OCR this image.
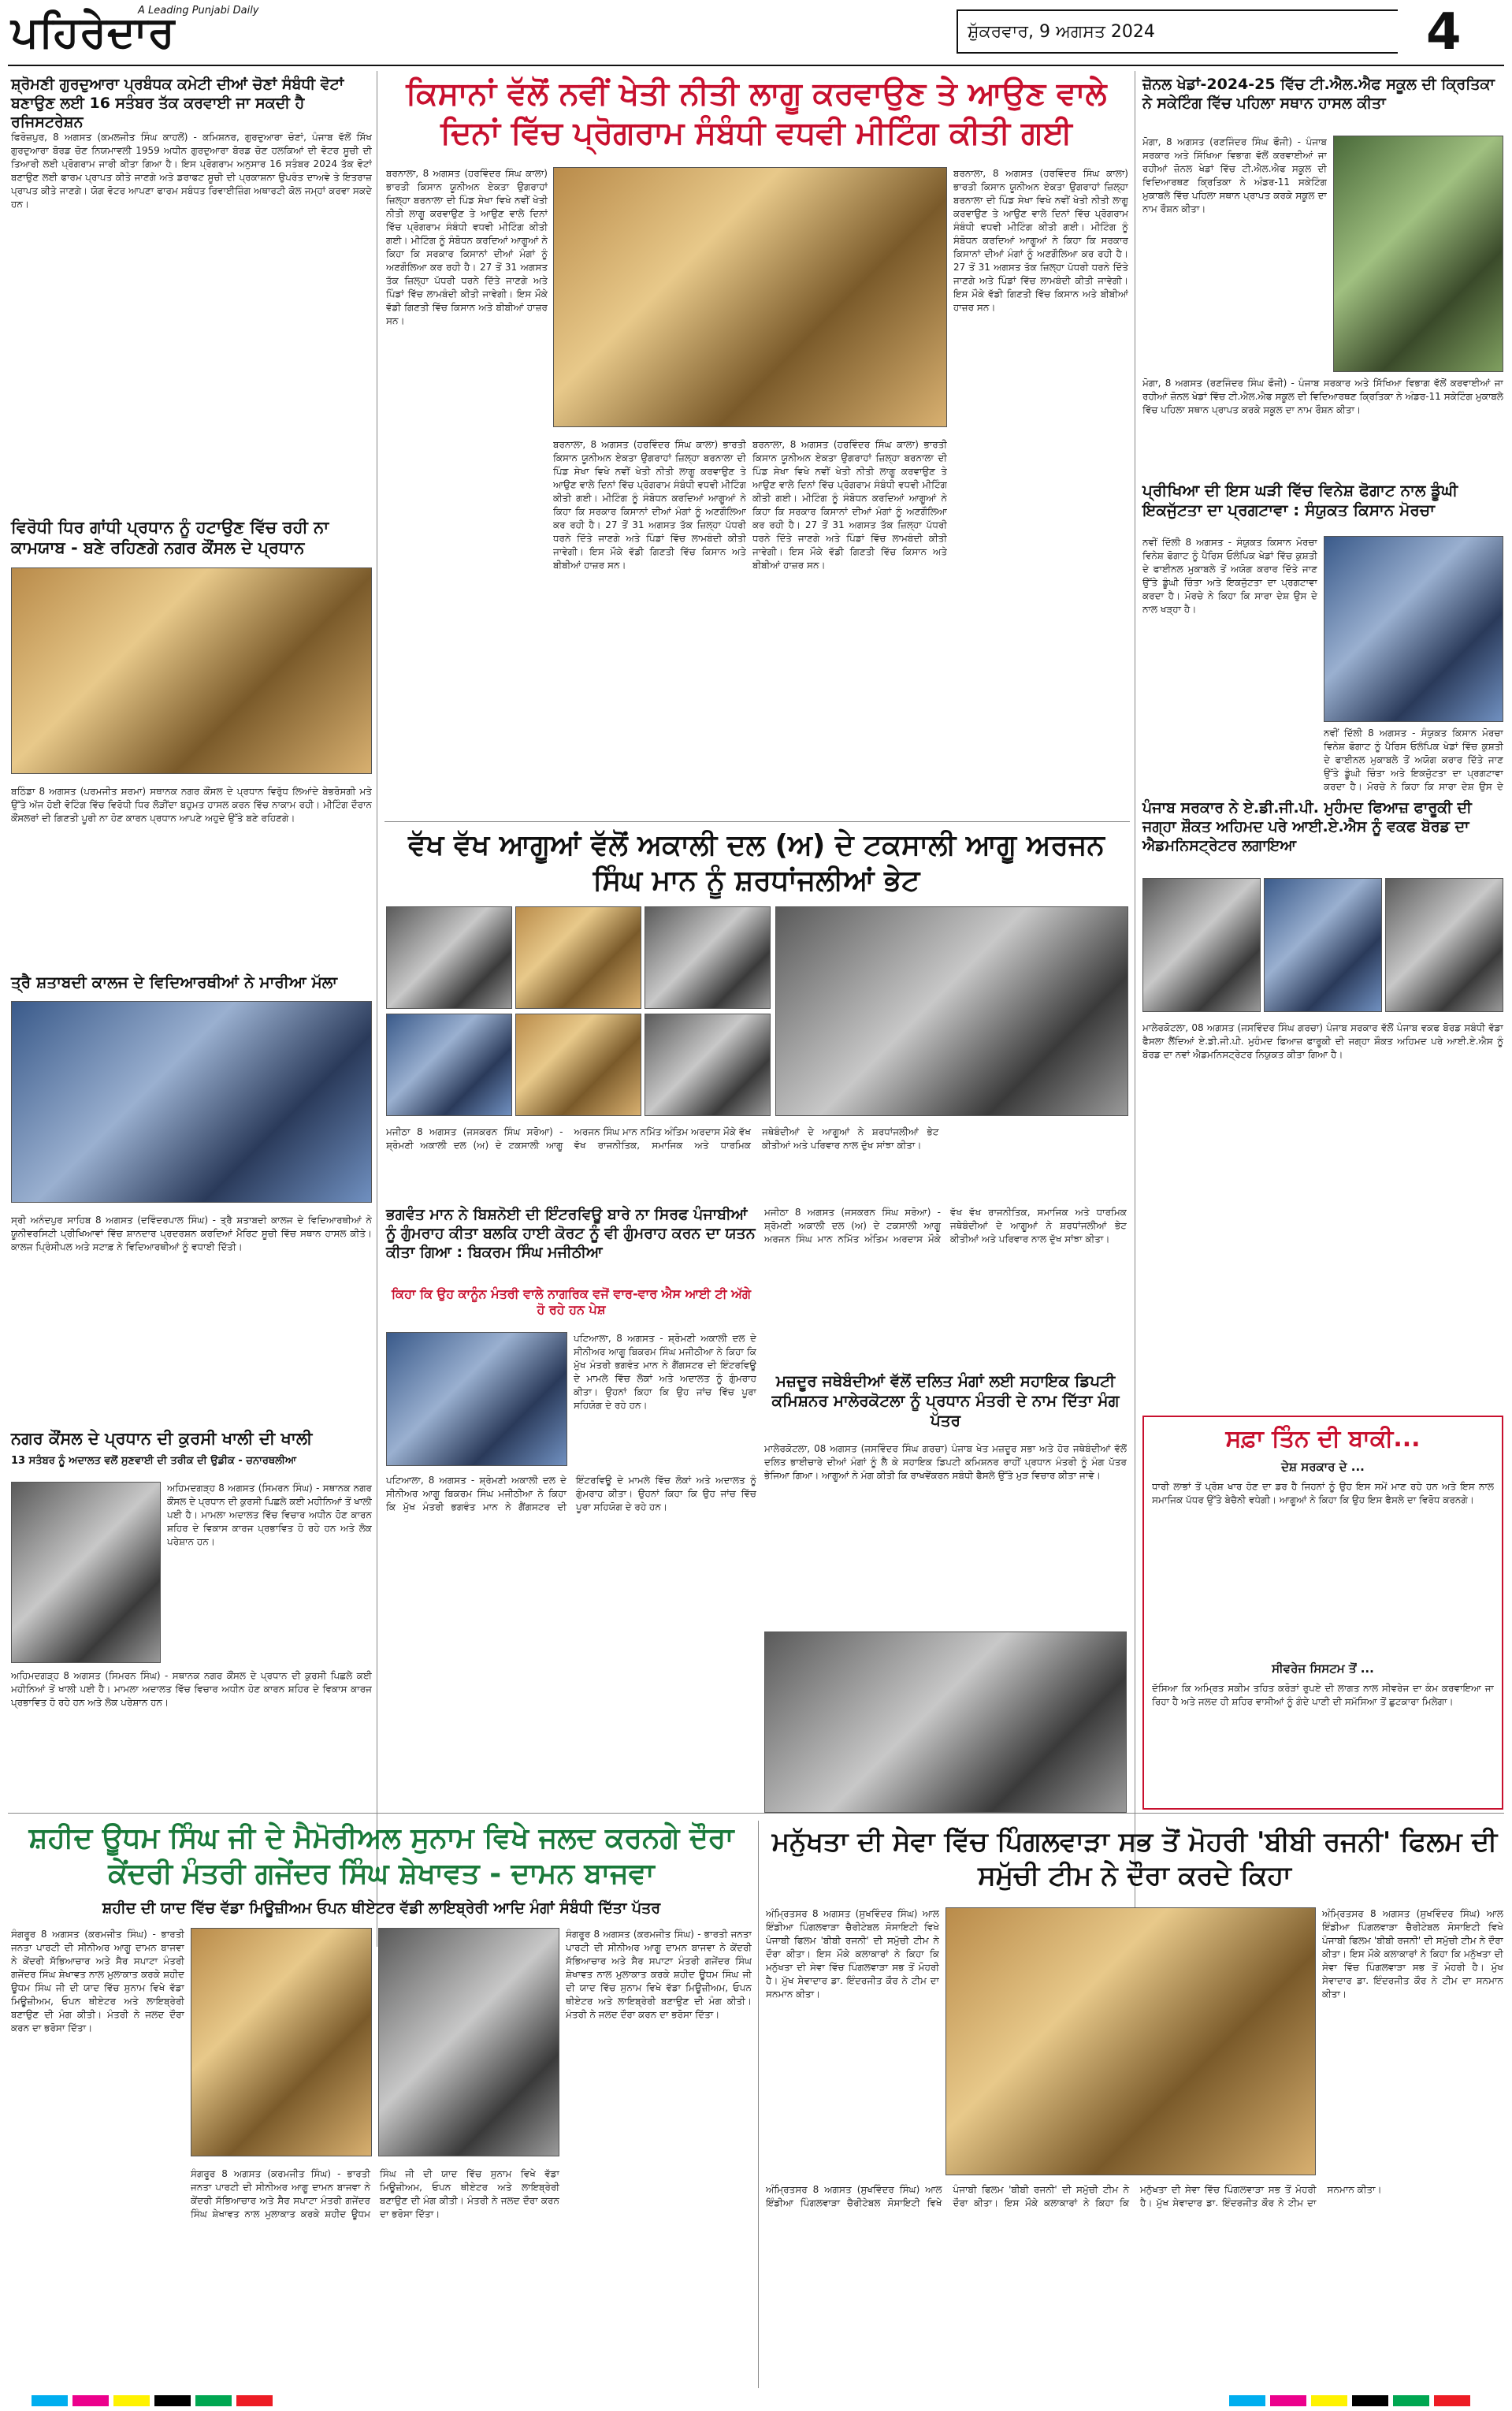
ਪਹਿਰੇਦਾਰ
A Leading Punjabi Daily
ਸ਼ੁੱਕਰਵਾਰ, 9 ਅਗਸਤ 2024	4
ਸ਼੍ਰੋਮਣੀ ਗੁਰਦੁਆਰਾ ਪ੍ਰਬੰਧਕ ਕਮੇਟੀ ਦੀਆਂ ਚੋਣਾਂ ਸੰਬੰਧੀ ਵੋਟਾਂ ਬਣਾਉਣ ਲਈ 16 ਸਤੰਬਰ ਤੱਕ ਕਰਵਾਈ ਜਾ ਸਕਦੀ ਹੈ ਰਜਿਸਟਰੇਸ਼ਨ
ਫਿਰੋਜ਼ਪੁਰ, 8 ਅਗਸਤ (ਕਮਲਜੀਤ ਸਿੰਘ ਕਾਹਲੋਂ) - ਕਮਿਸ਼ਨਰ, ਗੁਰਦੁਆਰਾ ਚੋਣਾਂ, ਪੰਜਾਬ ਵੱਲੋਂ ਸਿੱਖ ਗੁਰਦੁਆਰਾ ਬੋਰਡ ਚੋਣ ਨਿਯਮਾਵਲੀ 1959 ਅਧੀਨ ਗੁਰਦੁਆਰਾ ਬੋਰਡ ਚੋਣ ਹਲਕਿਆਂ ਦੀ ਵੋਟਰ ਸੂਚੀ ਦੀ ਤਿਆਰੀ ਲਈ ਪ੍ਰੋਗਰਾਮ ਜਾਰੀ ਕੀਤਾ ਗਿਆ ਹੈ। ਇਸ ਪ੍ਰੋਗਰਾਮ ਅਨੁਸਾਰ 16 ਸਤੰਬਰ 2024 ਤੱਕ ਵੋਟਾਂ ਬਣਾਉਣ ਲਈ ਫਾਰਮ ਪ੍ਰਾਪਤ ਕੀਤੇ ਜਾਣਗੇ ਅਤੇ ਡਰਾਫਟ ਸੂਚੀ ਦੀ ਪ੍ਰਕਾਸ਼ਨਾ ਉਪਰੰਤ ਦਾਅਵੇ ਤੇ ਇਤਰਾਜ਼ ਪ੍ਰਾਪਤ ਕੀਤੇ ਜਾਣਗੇ। ਯੋਗ ਵੋਟਰ ਆਪਣਾ ਫਾਰਮ ਸਬੰਧਤ ਰਿਵਾਈਜ਼ਿੰਗ ਅਥਾਰਟੀ ਕੋਲ ਜਮ੍ਹਾਂ ਕਰਵਾ ਸਕਦੇ ਹਨ।
ਵਿਰੋਧੀ ਧਿਰ ਗਾਂਧੀ ਪ੍ਰਧਾਨ ਨੂੰ ਹਟਾਉਣ ਵਿੱਚ ਰਹੀ ਨਾ ਕਾਮਯਾਬ - ਬਣੇ ਰਹਿਣਗੇ ਨਗਰ ਕੌਂਸਲ ਦੇ ਪ੍ਰਧਾਨ
ਬਠਿੰਡਾ 8 ਅਗਸਤ (ਪਰਮਜੀਤ ਸ਼ਰਮਾ) ਸਥਾਨਕ ਨਗਰ ਕੌਂਸਲ ਦੇ ਪ੍ਰਧਾਨ ਵਿਰੁੱਧ ਲਿਆਂਦੇ ਬੇਭਰੋਸਗੀ ਮਤੇ ਉੱਤੇ ਅੱਜ ਹੋਈ ਵੋਟਿੰਗ ਵਿੱਚ ਵਿਰੋਧੀ ਧਿਰ ਲੋੜੀਂਦਾ ਬਹੁਮਤ ਹਾਸਲ ਕਰਨ ਵਿੱਚ ਨਾਕਾਮ ਰਹੀ। ਮੀਟਿੰਗ ਦੌਰਾਨ ਕੌਂਸਲਰਾਂ ਦੀ ਗਿਣਤੀ ਪੂਰੀ ਨਾ ਹੋਣ ਕਾਰਨ ਪ੍ਰਧਾਨ ਆਪਣੇ ਅਹੁਦੇ ਉੱਤੇ ਬਣੇ ਰਹਿਣਗੇ।
ਤ੍ਰੈ ਸ਼ਤਾਬਦੀ ਕਾਲਜ ਦੇ ਵਿਦਿਆਰਥੀਆਂ ਨੇ ਮਾਰੀਆ ਮੱਲਾ
ਸ੍ਰੀ ਅਨੰਦਪੁਰ ਸਾਹਿਬ 8 ਅਗਸਤ (ਦਵਿੰਦਰਪਾਲ ਸਿੰਘ) - ਤ੍ਰੈ ਸ਼ਤਾਬਦੀ ਕਾਲਜ ਦੇ ਵਿਦਿਆਰਥੀਆਂ ਨੇ ਯੂਨੀਵਰਸਿਟੀ ਪ੍ਰੀਖਿਆਵਾਂ ਵਿੱਚ ਸ਼ਾਨਦਾਰ ਪ੍ਰਦਰਸ਼ਨ ਕਰਦਿਆਂ ਮੈਰਿਟ ਸੂਚੀ ਵਿੱਚ ਸਥਾਨ ਹਾਸਲ ਕੀਤੇ। ਕਾਲਜ ਪ੍ਰਿੰਸੀਪਲ ਅਤੇ ਸਟਾਫ਼ ਨੇ ਵਿਦਿਆਰਥੀਆਂ ਨੂੰ ਵਧਾਈ ਦਿੱਤੀ।
ਨਗਰ ਕੌਂਸਲ ਦੇ ਪ੍ਰਧਾਨ ਦੀ ਕੁਰਸੀ ਖਾਲੀ ਦੀ ਖਾਲੀ
13 ਸਤੰਬਰ ਨੂੰ ਅਦਾਲਤ ਵਲੋਂ ਸੁਣਵਾਈ ਦੀ ਤਰੀਕ ਦੀ ਉਡੀਕ - ਚਨਾਰਥਲੀਆ
ਅਹਿਮਦਗੜ੍ਹ 8 ਅਗਸਤ (ਸਿਮਰਨ ਸਿੰਘ) - ਸਥਾਨਕ ਨਗਰ ਕੌਂਸਲ ਦੇ ਪ੍ਰਧਾਨ ਦੀ ਕੁਰਸੀ ਪਿਛਲੇ ਕਈ ਮਹੀਨਿਆਂ ਤੋਂ ਖਾਲੀ ਪਈ ਹੈ। ਮਾਮਲਾ ਅਦਾਲਤ ਵਿੱਚ ਵਿਚਾਰ ਅਧੀਨ ਹੋਣ ਕਾਰਨ ਸ਼ਹਿਰ ਦੇ ਵਿਕਾਸ ਕਾਰਜ ਪ੍ਰਭਾਵਿਤ ਹੋ ਰਹੇ ਹਨ ਅਤੇ ਲੋਕ ਪਰੇਸ਼ਾਨ ਹਨ।
ਅਹਿਮਦਗੜ੍ਹ 8 ਅਗਸਤ (ਸਿਮਰਨ ਸਿੰਘ) - ਸਥਾਨਕ ਨਗਰ ਕੌਂਸਲ ਦੇ ਪ੍ਰਧਾਨ ਦੀ ਕੁਰਸੀ ਪਿਛਲੇ ਕਈ ਮਹੀਨਿਆਂ ਤੋਂ ਖਾਲੀ ਪਈ ਹੈ। ਮਾਮਲਾ ਅਦਾਲਤ ਵਿੱਚ ਵਿਚਾਰ ਅਧੀਨ ਹੋਣ ਕਾਰਨ ਸ਼ਹਿਰ ਦੇ ਵਿਕਾਸ ਕਾਰਜ ਪ੍ਰਭਾਵਿਤ ਹੋ ਰਹੇ ਹਨ ਅਤੇ ਲੋਕ ਪਰੇਸ਼ਾਨ ਹਨ।
ਕਿਸਾਨਾਂ ਵੱਲੋਂ ਨਵੀਂ ਖੇਤੀ ਨੀਤੀ ਲਾਗੂ ਕਰਵਾਉਣ ਤੇ ਆਉਣ ਵਾਲੇ ਦਿਨਾਂ ਵਿੱਚ ਪ੍ਰੋਗਰਾਮ ਸੰਬੰਧੀ ਵਧਵੀ ਮੀਟਿੰਗ ਕੀਤੀ ਗਈ
ਬਰਨਾਲਾ, 8 ਅਗਸਤ (ਹਰਵਿੰਦਰ ਸਿੰਘ ਕਾਲਾ) ਭਾਰਤੀ ਕਿਸਾਨ ਯੂਨੀਅਨ ਏਕਤਾ ਉਗਰਾਹਾਂ ਜ਼ਿਲ੍ਹਾ ਬਰਨਾਲਾ ਦੀ ਪਿੰਡ ਸੇਖਾ ਵਿਖੇ ਨਵੀਂ ਖੇਤੀ ਨੀਤੀ ਲਾਗੂ ਕਰਵਾਉਣ ਤੇ ਆਉਣ ਵਾਲੇ ਦਿਨਾਂ ਵਿੱਚ ਪ੍ਰੋਗਰਾਮ ਸੰਬੰਧੀ ਵਧਵੀ ਮੀਟਿੰਗ ਕੀਤੀ ਗਈ। ਮੀਟਿੰਗ ਨੂੰ ਸੰਬੋਧਨ ਕਰਦਿਆਂ ਆਗੂਆਂ ਨੇ ਕਿਹਾ ਕਿ ਸਰਕਾਰ ਕਿਸਾਨਾਂ ਦੀਆਂ ਮੰਗਾਂ ਨੂੰ ਅਣਗੌਲਿਆ ਕਰ ਰਹੀ ਹੈ। 27 ਤੋਂ 31 ਅਗਸਤ ਤੱਕ ਜ਼ਿਲ੍ਹਾ ਪੱਧਰੀ ਧਰਨੇ ਦਿੱਤੇ ਜਾਣਗੇ ਅਤੇ ਪਿੰਡਾਂ ਵਿੱਚ ਲਾਮਬੰਦੀ ਕੀਤੀ ਜਾਵੇਗੀ। ਇਸ ਮੌਕੇ ਵੱਡੀ ਗਿਣਤੀ ਵਿੱਚ ਕਿਸਾਨ ਅਤੇ ਬੀਬੀਆਂ ਹਾਜ਼ਰ ਸਨ।
ਬਰਨਾਲਾ, 8 ਅਗਸਤ (ਹਰਵਿੰਦਰ ਸਿੰਘ ਕਾਲਾ) ਭਾਰਤੀ ਕਿਸਾਨ ਯੂਨੀਅਨ ਏਕਤਾ ਉਗਰਾਹਾਂ ਜ਼ਿਲ੍ਹਾ ਬਰਨਾਲਾ ਦੀ ਪਿੰਡ ਸੇਖਾ ਵਿਖੇ ਨਵੀਂ ਖੇਤੀ ਨੀਤੀ ਲਾਗੂ ਕਰਵਾਉਣ ਤੇ ਆਉਣ ਵਾਲੇ ਦਿਨਾਂ ਵਿੱਚ ਪ੍ਰੋਗਰਾਮ ਸੰਬੰਧੀ ਵਧਵੀ ਮੀਟਿੰਗ ਕੀਤੀ ਗਈ। ਮੀਟਿੰਗ ਨੂੰ ਸੰਬੋਧਨ ਕਰਦਿਆਂ ਆਗੂਆਂ ਨੇ ਕਿਹਾ ਕਿ ਸਰਕਾਰ ਕਿਸਾਨਾਂ ਦੀਆਂ ਮੰਗਾਂ ਨੂੰ ਅਣਗੌਲਿਆ ਕਰ ਰਹੀ ਹੈ। 27 ਤੋਂ 31 ਅਗਸਤ ਤੱਕ ਜ਼ਿਲ੍ਹਾ ਪੱਧਰੀ ਧਰਨੇ ਦਿੱਤੇ ਜਾਣਗੇ ਅਤੇ ਪਿੰਡਾਂ ਵਿੱਚ ਲਾਮਬੰਦੀ ਕੀਤੀ ਜਾਵੇਗੀ। ਇਸ ਮੌਕੇ ਵੱਡੀ ਗਿਣਤੀ ਵਿੱਚ ਕਿਸਾਨ ਅਤੇ ਬੀਬੀਆਂ ਹਾਜ਼ਰ ਸਨ।
ਬਰਨਾਲਾ, 8 ਅਗਸਤ (ਹਰਵਿੰਦਰ ਸਿੰਘ ਕਾਲਾ) ਭਾਰਤੀ ਕਿਸਾਨ ਯੂਨੀਅਨ ਏਕਤਾ ਉਗਰਾਹਾਂ ਜ਼ਿਲ੍ਹਾ ਬਰਨਾਲਾ ਦੀ ਪਿੰਡ ਸੇਖਾ ਵਿਖੇ ਨਵੀਂ ਖੇਤੀ ਨੀਤੀ ਲਾਗੂ ਕਰਵਾਉਣ ਤੇ ਆਉਣ ਵਾਲੇ ਦਿਨਾਂ ਵਿੱਚ ਪ੍ਰੋਗਰਾਮ ਸੰਬੰਧੀ ਵਧਵੀ ਮੀਟਿੰਗ ਕੀਤੀ ਗਈ। ਮੀਟਿੰਗ ਨੂੰ ਸੰਬੋਧਨ ਕਰਦਿਆਂ ਆਗੂਆਂ ਨੇ ਕਿਹਾ ਕਿ ਸਰਕਾਰ ਕਿਸਾਨਾਂ ਦੀਆਂ ਮੰਗਾਂ ਨੂੰ ਅਣਗੌਲਿਆ ਕਰ ਰਹੀ ਹੈ। 27 ਤੋਂ 31 ਅਗਸਤ ਤੱਕ ਜ਼ਿਲ੍ਹਾ ਪੱਧਰੀ ਧਰਨੇ ਦਿੱਤੇ ਜਾਣਗੇ ਅਤੇ ਪਿੰਡਾਂ ਵਿੱਚ ਲਾਮਬੰਦੀ ਕੀਤੀ ਜਾਵੇਗੀ। ਇਸ ਮੌਕੇ ਵੱਡੀ ਗਿਣਤੀ ਵਿੱਚ ਕਿਸਾਨ ਅਤੇ ਬੀਬੀਆਂ ਹਾਜ਼ਰ ਸਨ।
ਬਰਨਾਲਾ, 8 ਅਗਸਤ (ਹਰਵਿੰਦਰ ਸਿੰਘ ਕਾਲਾ) ਭਾਰਤੀ ਕਿਸਾਨ ਯੂਨੀਅਨ ਏਕਤਾ ਉਗਰਾਹਾਂ ਜ਼ਿਲ੍ਹਾ ਬਰਨਾਲਾ ਦੀ ਪਿੰਡ ਸੇਖਾ ਵਿਖੇ ਨਵੀਂ ਖੇਤੀ ਨੀਤੀ ਲਾਗੂ ਕਰਵਾਉਣ ਤੇ ਆਉਣ ਵਾਲੇ ਦਿਨਾਂ ਵਿੱਚ ਪ੍ਰੋਗਰਾਮ ਸੰਬੰਧੀ ਵਧਵੀ ਮੀਟਿੰਗ ਕੀਤੀ ਗਈ। ਮੀਟਿੰਗ ਨੂੰ ਸੰਬੋਧਨ ਕਰਦਿਆਂ ਆਗੂਆਂ ਨੇ ਕਿਹਾ ਕਿ ਸਰਕਾਰ ਕਿਸਾਨਾਂ ਦੀਆਂ ਮੰਗਾਂ ਨੂੰ ਅਣਗੌਲਿਆ ਕਰ ਰਹੀ ਹੈ। 27 ਤੋਂ 31 ਅਗਸਤ ਤੱਕ ਜ਼ਿਲ੍ਹਾ ਪੱਧਰੀ ਧਰਨੇ ਦਿੱਤੇ ਜਾਣਗੇ ਅਤੇ ਪਿੰਡਾਂ ਵਿੱਚ ਲਾਮਬੰਦੀ ਕੀਤੀ ਜਾਵੇਗੀ। ਇਸ ਮੌਕੇ ਵੱਡੀ ਗਿਣਤੀ ਵਿੱਚ ਕਿਸਾਨ ਅਤੇ ਬੀਬੀਆਂ ਹਾਜ਼ਰ ਸਨ।
ਵੱਖ ਵੱਖ ਆਗੂਆਂ ਵੱਲੋਂ ਅਕਾਲੀ ਦਲ (ਅ) ਦੇ ਟਕਸਾਲੀ ਆਗੂ ਅਰਜਨ ਸਿੰਘ ਮਾਨ ਨੂੰ ਸ਼ਰਧਾਂਜਲੀਆਂ ਭੇਟ
ਮਜੀਠਾ 8 ਅਗਸਤ (ਜਸਕਰਨ ਸਿੰਘ ਸਰੋਆ) - ਸ਼੍ਰੋਮਣੀ ਅਕਾਲੀ ਦਲ (ਅ) ਦੇ ਟਕਸਾਲੀ ਆਗੂ ਅਰਜਨ ਸਿੰਘ ਮਾਨ ਨਮਿੱਤ ਅੰਤਿਮ ਅਰਦਾਸ ਮੌਕੇ ਵੱਖ ਵੱਖ ਰਾਜਨੀਤਿਕ, ਸਮਾਜਿਕ ਅਤੇ ਧਾਰਮਿਕ ਜਥੇਬੰਦੀਆਂ ਦੇ ਆਗੂਆਂ ਨੇ ਸ਼ਰਧਾਂਜਲੀਆਂ ਭੇਟ ਕੀਤੀਆਂ ਅਤੇ ਪਰਿਵਾਰ ਨਾਲ ਦੁੱਖ ਸਾਂਝਾ ਕੀਤਾ।
ਭਗਵੰਤ ਮਾਨ ਨੇ ਬਿਸ਼ਨੋਈ ਦੀ ਇੰਟਰਵਿਊ ਬਾਰੇ ਨਾ ਸਿਰਫ ਪੰਜਾਬੀਆਂ ਨੂੰ ਗੁੰਮਰਾਹ ਕੀਤਾ ਬਲਕਿ ਹਾਈ ਕੋਰਟ ਨੂੰ ਵੀ ਗੁੰਮਰਾਹ ਕਰਨ ਦਾ ਯਤਨ ਕੀਤਾ ਗਿਆ : ਬਿਕਰਮ ਸਿੰਘ ਮਜੀਠੀਆ
ਕਿਹਾ ਕਿ ਉਹ ਕਾਨੂੰਨ ਮੰਤਰੀ ਵਾਲੇ ਨਾਗਰਿਕ ਵਜੋਂ ਵਾਰ-ਵਾਰ ਐਸ ਆਈ ਟੀ ਅੱਗੇ ਹੋ ਰਹੇ ਹਨ ਪੇਸ਼
ਪਟਿਆਲਾ, 8 ਅਗਸਤ - ਸ਼੍ਰੋਮਣੀ ਅਕਾਲੀ ਦਲ ਦੇ ਸੀਨੀਅਰ ਆਗੂ ਬਿਕਰਮ ਸਿੰਘ ਮਜੀਠੀਆ ਨੇ ਕਿਹਾ ਕਿ ਮੁੱਖ ਮੰਤਰੀ ਭਗਵੰਤ ਮਾਨ ਨੇ ਗੈਂਗਸਟਰ ਦੀ ਇੰਟਰਵਿਊ ਦੇ ਮਾਮਲੇ ਵਿੱਚ ਲੋਕਾਂ ਅਤੇ ਅਦਾਲਤ ਨੂੰ ਗੁੰਮਰਾਹ ਕੀਤਾ। ਉਹਨਾਂ ਕਿਹਾ ਕਿ ਉਹ ਜਾਂਚ ਵਿੱਚ ਪੂਰਾ ਸਹਿਯੋਗ ਦੇ ਰਹੇ ਹਨ।
ਪਟਿਆਲਾ, 8 ਅਗਸਤ - ਸ਼੍ਰੋਮਣੀ ਅਕਾਲੀ ਦਲ ਦੇ ਸੀਨੀਅਰ ਆਗੂ ਬਿਕਰਮ ਸਿੰਘ ਮਜੀਠੀਆ ਨੇ ਕਿਹਾ ਕਿ ਮੁੱਖ ਮੰਤਰੀ ਭਗਵੰਤ ਮਾਨ ਨੇ ਗੈਂਗਸਟਰ ਦੀ ਇੰਟਰਵਿਊ ਦੇ ਮਾਮਲੇ ਵਿੱਚ ਲੋਕਾਂ ਅਤੇ ਅਦਾਲਤ ਨੂੰ ਗੁੰਮਰਾਹ ਕੀਤਾ। ਉਹਨਾਂ ਕਿਹਾ ਕਿ ਉਹ ਜਾਂਚ ਵਿੱਚ ਪੂਰਾ ਸਹਿਯੋਗ ਦੇ ਰਹੇ ਹਨ।
ਮਜੀਠਾ 8 ਅਗਸਤ (ਜਸਕਰਨ ਸਿੰਘ ਸਰੋਆ) - ਸ਼੍ਰੋਮਣੀ ਅਕਾਲੀ ਦਲ (ਅ) ਦੇ ਟਕਸਾਲੀ ਆਗੂ ਅਰਜਨ ਸਿੰਘ ਮਾਨ ਨਮਿੱਤ ਅੰਤਿਮ ਅਰਦਾਸ ਮੌਕੇ ਵੱਖ ਵੱਖ ਰਾਜਨੀਤਿਕ, ਸਮਾਜਿਕ ਅਤੇ ਧਾਰਮਿਕ ਜਥੇਬੰਦੀਆਂ ਦੇ ਆਗੂਆਂ ਨੇ ਸ਼ਰਧਾਂਜਲੀਆਂ ਭੇਟ ਕੀਤੀਆਂ ਅਤੇ ਪਰਿਵਾਰ ਨਾਲ ਦੁੱਖ ਸਾਂਝਾ ਕੀਤਾ।
ਮਜ਼ਦੂਰ ਜਥੇਬੰਦੀਆਂ ਵੱਲੋਂ ਦਲਿਤ ਮੰਗਾਂ ਲਈ ਸਹਾਇਕ ਡਿਪਟੀ ਕਮਿਸ਼ਨਰ ਮਾਲੇਰਕੋਟਲਾ ਨੂੰ ਪ੍ਰਧਾਨ ਮੰਤਰੀ ਦੇ ਨਾਮ ਦਿੱਤਾ ਮੰਗ ਪੱਤਰ
ਮਾਲੇਰਕੋਟਲਾ, 08 ਅਗਸਤ (ਜਸਵਿੰਦਰ ਸਿੰਘ ਗਰਚਾ) ਪੰਜਾਬ ਖੇਤ ਮਜ਼ਦੂਰ ਸਭਾ ਅਤੇ ਹੋਰ ਜਥੇਬੰਦੀਆਂ ਵੱਲੋਂ ਦਲਿਤ ਭਾਈਚਾਰੇ ਦੀਆਂ ਮੰਗਾਂ ਨੂੰ ਲੈ ਕੇ ਸਹਾਇਕ ਡਿਪਟੀ ਕਮਿਸ਼ਨਰ ਰਾਹੀਂ ਪ੍ਰਧਾਨ ਮੰਤਰੀ ਨੂੰ ਮੰਗ ਪੱਤਰ ਭੇਜਿਆ ਗਿਆ। ਆਗੂਆਂ ਨੇ ਮੰਗ ਕੀਤੀ ਕਿ ਰਾਖਵੇਂਕਰਨ ਸਬੰਧੀ ਫੈਸਲੇ ਉੱਤੇ ਮੁੜ ਵਿਚਾਰ ਕੀਤਾ ਜਾਵੇ।
ਜ਼ੋਨਲ ਖੇਡਾਂ-2024-25 ਵਿੱਚ ਟੀ.ਐਲ.ਐਫ ਸਕੂਲ ਦੀ ਕ੍ਰਿਤਿਕਾ ਨੇ ਸਕੇਟਿੰਗ ਵਿੱਚ ਪਹਿਲਾ ਸਥਾਨ ਹਾਸਲ ਕੀਤਾ
ਮੋਗਾ, 8 ਅਗਸਤ (ਰਣਜਿੰਦਰ ਸਿੰਘ ਫੌਜੀ) - ਪੰਜਾਬ ਸਰਕਾਰ ਅਤੇ ਸਿੱਖਿਆ ਵਿਭਾਗ ਵੱਲੋਂ ਕਰਵਾਈਆਂ ਜਾ ਰਹੀਆਂ ਜ਼ੋਨਲ ਖੇਡਾਂ ਵਿੱਚ ਟੀ.ਐਲ.ਐਫ ਸਕੂਲ ਦੀ ਵਿਦਿਆਰਥਣ ਕ੍ਰਿਤਿਕਾ ਨੇ ਅੰਡਰ-11 ਸਕੇਟਿੰਗ ਮੁਕਾਬਲੇ ਵਿੱਚ ਪਹਿਲਾ ਸਥਾਨ ਪ੍ਰਾਪਤ ਕਰਕੇ ਸਕੂਲ ਦਾ ਨਾਮ ਰੌਸ਼ਨ ਕੀਤਾ।
ਮੋਗਾ, 8 ਅਗਸਤ (ਰਣਜਿੰਦਰ ਸਿੰਘ ਫੌਜੀ) - ਪੰਜਾਬ ਸਰਕਾਰ ਅਤੇ ਸਿੱਖਿਆ ਵਿਭਾਗ ਵੱਲੋਂ ਕਰਵਾਈਆਂ ਜਾ ਰਹੀਆਂ ਜ਼ੋਨਲ ਖੇਡਾਂ ਵਿੱਚ ਟੀ.ਐਲ.ਐਫ ਸਕੂਲ ਦੀ ਵਿਦਿਆਰਥਣ ਕ੍ਰਿਤਿਕਾ ਨੇ ਅੰਡਰ-11 ਸਕੇਟਿੰਗ ਮੁਕਾਬਲੇ ਵਿੱਚ ਪਹਿਲਾ ਸਥਾਨ ਪ੍ਰਾਪਤ ਕਰਕੇ ਸਕੂਲ ਦਾ ਨਾਮ ਰੌਸ਼ਨ ਕੀਤਾ।
ਪ੍ਰੀਖਿਆ ਦੀ ਇਸ ਘੜੀ ਵਿੱਚ ਵਿਨੇਸ਼ ਫੋਗਾਟ ਨਾਲ ਡੂੰਘੀ ਇਕਜੁੱਟਤਾ ਦਾ ਪ੍ਰਗਟਾਵਾ : ਸੰਯੁਕਤ ਕਿਸਾਨ ਮੋਰਚਾ
ਨਵੀਂ ਦਿੱਲੀ 8 ਅਗਸਤ - ਸੰਯੁਕਤ ਕਿਸਾਨ ਮੋਰਚਾ ਵਿਨੇਸ਼ ਫੋਗਾਟ ਨੂੰ ਪੈਰਿਸ ਓਲੰਪਿਕ ਖੇਡਾਂ ਵਿੱਚ ਕੁਸ਼ਤੀ ਦੇ ਫਾਈਨਲ ਮੁਕਾਬਲੇ ਤੋਂ ਅਯੋਗ ਕਰਾਰ ਦਿੱਤੇ ਜਾਣ ਉੱਤੇ ਡੂੰਘੀ ਚਿੰਤਾ ਅਤੇ ਇਕਜੁੱਟਤਾ ਦਾ ਪ੍ਰਗਟਾਵਾ ਕਰਦਾ ਹੈ। ਮੋਰਚੇ ਨੇ ਕਿਹਾ ਕਿ ਸਾਰਾ ਦੇਸ਼ ਉਸ ਦੇ ਨਾਲ ਖੜ੍ਹਾ ਹੈ।
ਨਵੀਂ ਦਿੱਲੀ 8 ਅਗਸਤ - ਸੰਯੁਕਤ ਕਿਸਾਨ ਮੋਰਚਾ ਵਿਨੇਸ਼ ਫੋਗਾਟ ਨੂੰ ਪੈਰਿਸ ਓਲੰਪਿਕ ਖੇਡਾਂ ਵਿੱਚ ਕੁਸ਼ਤੀ ਦੇ ਫਾਈਨਲ ਮੁਕਾਬਲੇ ਤੋਂ ਅਯੋਗ ਕਰਾਰ ਦਿੱਤੇ ਜਾਣ ਉੱਤੇ ਡੂੰਘੀ ਚਿੰਤਾ ਅਤੇ ਇਕਜੁੱਟਤਾ ਦਾ ਪ੍ਰਗਟਾਵਾ ਕਰਦਾ ਹੈ। ਮੋਰਚੇ ਨੇ ਕਿਹਾ ਕਿ ਸਾਰਾ ਦੇਸ਼ ਉਸ ਦੇ
ਪੰਜਾਬ ਸਰਕਾਰ ਨੇ ਏ.ਡੀ.ਜੀ.ਪੀ. ਮੁਹੰਮਦ ਫਿਆਜ਼ ਫਾਰੂਕੀ ਦੀ ਜਗ੍ਹਾ ਸ਼ੌਕਤ ਅਹਿਮਦ ਪਰੇ ਆਈ.ਏ.ਐਸ ਨੂੰ ਵਕਫ ਬੋਰਡ ਦਾ ਐਡਮਨਿਸਟ੍ਰੇਟਰ ਲਗਾਇਆ
ਮਾਲੇਰਕੋਟਲਾ, 08 ਅਗਸਤ (ਜਸਵਿੰਦਰ ਸਿੰਘ ਗਰਚਾ) ਪੰਜਾਬ ਸਰਕਾਰ ਵੱਲੋਂ ਪੰਜਾਬ ਵਕਫ ਬੋਰਡ ਸਬੰਧੀ ਵੱਡਾ ਫੈਸਲਾ ਲੈਂਦਿਆਂ ਏ.ਡੀ.ਜੀ.ਪੀ. ਮੁਹੰਮਦ ਫਿਆਜ਼ ਫਾਰੂਕੀ ਦੀ ਜਗ੍ਹਾ ਸ਼ੌਕਤ ਅਹਿਮਦ ਪਰੇ ਆਈ.ਏ.ਐਸ ਨੂੰ ਬੋਰਡ ਦਾ ਨਵਾਂ ਐਡਮਨਿਸਟ੍ਰੇਟਰ ਨਿਯੁਕਤ ਕੀਤਾ ਗਿਆ ਹੈ।
ਸਫ਼ਾ ਤਿੰਨ ਦੀ ਬਾਕੀ...
ਦੇਸ਼ ਸਰਕਾਰ ਦੇ ...
ਧਾਰੀ ਲਾਭਾਂ ਤੋਂ ਪ੍ਰੋਸ਼ ਖਾਰ ਹੋਣ ਦਾ ਡਰ ਹੈ ਜਿਹਨਾਂ ਨੂੰ ਉਹ ਇਸ ਸਮੇਂ ਮਾਣ ਰਹੇ ਹਨ ਅਤੇ ਇਸ ਨਾਲ ਸਮਾਜਿਕ ਪੱਧਰ ਉੱਤੇ ਬੇਚੈਨੀ ਵਧੇਗੀ। ਆਗੂਆਂ ਨੇ ਕਿਹਾ ਕਿ ਉਹ ਇਸ ਫੈਸਲੇ ਦਾ ਵਿਰੋਧ ਕਰਨਗੇ।
ਸੀਵਰੇਜ ਸਿਸਟਮ ਤੋਂ ...
ਦੱਸਿਆ ਕਿ ਅਮ੍ਰਿਤ ਸਕੀਮ ਤਹਿਤ ਕਰੋੜਾਂ ਰੁਪਏ ਦੀ ਲਾਗਤ ਨਾਲ ਸੀਵਰੇਜ ਦਾ ਕੰਮ ਕਰਵਾਇਆ ਜਾ ਰਿਹਾ ਹੈ ਅਤੇ ਜਲਦ ਹੀ ਸ਼ਹਿਰ ਵਾਸੀਆਂ ਨੂੰ ਗੰਦੇ ਪਾਣੀ ਦੀ ਸਮੱਸਿਆ ਤੋਂ ਛੁਟਕਾਰਾ ਮਿਲੇਗਾ।
ਸ਼ਹੀਦ ਊਧਮ ਸਿੰਘ ਜੀ ਦੇ ਮੈਮੋਰੀਅਲ ਸੁਨਾਮ ਵਿਖੇ ਜਲਦ ਕਰਨਗੇ ਦੌਰਾ ਕੇਂਦਰੀ ਮੰਤਰੀ ਗਜੇਂਦਰ ਸਿੰਘ ਸ਼ੇਖਾਵਤ - ਦਾਮਨ ਬਾਜਵਾ
ਸ਼ਹੀਦ ਦੀ ਯਾਦ ਵਿੱਚ ਵੱਡਾ ਮਿਊਜ਼ੀਅਮ ਓਪਨ ਥੀਏਟਰ ਵੱਡੀ ਲਾਇਬ੍ਰੇਰੀ ਆਦਿ ਮੰਗਾਂ ਸੰਬੰਧੀ ਦਿੱਤਾ ਪੱਤਰ
ਸੰਗਰੂਰ 8 ਅਗਸਤ (ਕਰਮਜੀਤ ਸਿੰਘ) - ਭਾਰਤੀ ਜਨਤਾ ਪਾਰਟੀ ਦੀ ਸੀਨੀਅਰ ਆਗੂ ਦਾਮਨ ਬਾਜਵਾ ਨੇ ਕੇਂਦਰੀ ਸੱਭਿਆਚਾਰ ਅਤੇ ਸੈਰ ਸਪਾਟਾ ਮੰਤਰੀ ਗਜੇਂਦਰ ਸਿੰਘ ਸ਼ੇਖਾਵਤ ਨਾਲ ਮੁਲਾਕਾਤ ਕਰਕੇ ਸ਼ਹੀਦ ਊਧਮ ਸਿੰਘ ਜੀ ਦੀ ਯਾਦ ਵਿੱਚ ਸੁਨਾਮ ਵਿਖੇ ਵੱਡਾ ਮਿਊਜ਼ੀਅਮ, ਓਪਨ ਥੀਏਟਰ ਅਤੇ ਲਾਇਬ੍ਰੇਰੀ ਬਣਾਉਣ ਦੀ ਮੰਗ ਕੀਤੀ। ਮੰਤਰੀ ਨੇ ਜਲਦ ਦੌਰਾ ਕਰਨ ਦਾ ਭਰੋਸਾ ਦਿੱਤਾ।
ਸੰਗਰੂਰ 8 ਅਗਸਤ (ਕਰਮਜੀਤ ਸਿੰਘ) - ਭਾਰਤੀ ਜਨਤਾ ਪਾਰਟੀ ਦੀ ਸੀਨੀਅਰ ਆਗੂ ਦਾਮਨ ਬਾਜਵਾ ਨੇ ਕੇਂਦਰੀ ਸੱਭਿਆਚਾਰ ਅਤੇ ਸੈਰ ਸਪਾਟਾ ਮੰਤਰੀ ਗਜੇਂਦਰ ਸਿੰਘ ਸ਼ੇਖਾਵਤ ਨਾਲ ਮੁਲਾਕਾਤ ਕਰਕੇ ਸ਼ਹੀਦ ਊਧਮ ਸਿੰਘ ਜੀ ਦੀ ਯਾਦ ਵਿੱਚ ਸੁਨਾਮ ਵਿਖੇ ਵੱਡਾ ਮਿਊਜ਼ੀਅਮ, ਓਪਨ ਥੀਏਟਰ ਅਤੇ ਲਾਇਬ੍ਰੇਰੀ ਬਣਾਉਣ ਦੀ ਮੰਗ ਕੀਤੀ। ਮੰਤਰੀ ਨੇ ਜਲਦ ਦੌਰਾ ਕਰਨ ਦਾ ਭਰੋਸਾ ਦਿੱਤਾ।
ਸੰਗਰੂਰ 8 ਅਗਸਤ (ਕਰਮਜੀਤ ਸਿੰਘ) - ਭਾਰਤੀ ਜਨਤਾ ਪਾਰਟੀ ਦੀ ਸੀਨੀਅਰ ਆਗੂ ਦਾਮਨ ਬਾਜਵਾ ਨੇ ਕੇਂਦਰੀ ਸੱਭਿਆਚਾਰ ਅਤੇ ਸੈਰ ਸਪਾਟਾ ਮੰਤਰੀ ਗਜੇਂਦਰ ਸਿੰਘ ਸ਼ੇਖਾਵਤ ਨਾਲ ਮੁਲਾਕਾਤ ਕਰਕੇ ਸ਼ਹੀਦ ਊਧਮ ਸਿੰਘ ਜੀ ਦੀ ਯਾਦ ਵਿੱਚ ਸੁਨਾਮ ਵਿਖੇ ਵੱਡਾ ਮਿਊਜ਼ੀਅਮ, ਓਪਨ ਥੀਏਟਰ ਅਤੇ ਲਾਇਬ੍ਰੇਰੀ ਬਣਾਉਣ ਦੀ ਮੰਗ ਕੀਤੀ। ਮੰਤਰੀ ਨੇ ਜਲਦ ਦੌਰਾ ਕਰਨ ਦਾ ਭਰੋਸਾ ਦਿੱਤਾ।
ਮਨੁੱਖਤਾ ਦੀ ਸੇਵਾ ਵਿੱਚ ਪਿੰਗਲਵਾੜਾ ਸਭ ਤੋਂ ਮੋਹਰੀ 'ਬੀਬੀ ਰਜਨੀ' ਫਿਲਮ ਦੀ ਸਮੁੱਚੀ ਟੀਮ ਨੇ ਦੌਰਾ ਕਰਦੇ ਕਿਹਾ
ਅੰਮ੍ਰਿਤਸਰ 8 ਅਗਸਤ (ਸੁਖਵਿੰਦਰ ਸਿੰਘ) ਆਲ ਇੰਡੀਆ ਪਿੰਗਲਵਾੜਾ ਚੈਰੀਟੇਬਲ ਸੋਸਾਇਟੀ ਵਿਖੇ ਪੰਜਾਬੀ ਫਿਲਮ 'ਬੀਬੀ ਰਜਨੀ' ਦੀ ਸਮੁੱਚੀ ਟੀਮ ਨੇ ਦੌਰਾ ਕੀਤਾ। ਇਸ ਮੌਕੇ ਕਲਾਕਾਰਾਂ ਨੇ ਕਿਹਾ ਕਿ ਮਨੁੱਖਤਾ ਦੀ ਸੇਵਾ ਵਿੱਚ ਪਿੰਗਲਵਾੜਾ ਸਭ ਤੋਂ ਮੋਹਰੀ ਹੈ। ਮੁੱਖ ਸੇਵਾਦਾਰ ਡਾ. ਇੰਦਰਜੀਤ ਕੌਰ ਨੇ ਟੀਮ ਦਾ ਸਨਮਾਨ ਕੀਤਾ।
ਅੰਮ੍ਰਿਤਸਰ 8 ਅਗਸਤ (ਸੁਖਵਿੰਦਰ ਸਿੰਘ) ਆਲ ਇੰਡੀਆ ਪਿੰਗਲਵਾੜਾ ਚੈਰੀਟੇਬਲ ਸੋਸਾਇਟੀ ਵਿਖੇ ਪੰਜਾਬੀ ਫਿਲਮ 'ਬੀਬੀ ਰਜਨੀ' ਦੀ ਸਮੁੱਚੀ ਟੀਮ ਨੇ ਦੌਰਾ ਕੀਤਾ। ਇਸ ਮੌਕੇ ਕਲਾਕਾਰਾਂ ਨੇ ਕਿਹਾ ਕਿ ਮਨੁੱਖਤਾ ਦੀ ਸੇਵਾ ਵਿੱਚ ਪਿੰਗਲਵਾੜਾ ਸਭ ਤੋਂ ਮੋਹਰੀ ਹੈ। ਮੁੱਖ ਸੇਵਾਦਾਰ ਡਾ. ਇੰਦਰਜੀਤ ਕੌਰ ਨੇ ਟੀਮ ਦਾ ਸਨਮਾਨ ਕੀਤਾ।
ਅੰਮ੍ਰਿਤਸਰ 8 ਅਗਸਤ (ਸੁਖਵਿੰਦਰ ਸਿੰਘ) ਆਲ ਇੰਡੀਆ ਪਿੰਗਲਵਾੜਾ ਚੈਰੀਟੇਬਲ ਸੋਸਾਇਟੀ ਵਿਖੇ ਪੰਜਾਬੀ ਫਿਲਮ 'ਬੀਬੀ ਰਜਨੀ' ਦੀ ਸਮੁੱਚੀ ਟੀਮ ਨੇ ਦੌਰਾ ਕੀਤਾ। ਇਸ ਮੌਕੇ ਕਲਾਕਾਰਾਂ ਨੇ ਕਿਹਾ ਕਿ ਮਨੁੱਖਤਾ ਦੀ ਸੇਵਾ ਵਿੱਚ ਪਿੰਗਲਵਾੜਾ ਸਭ ਤੋਂ ਮੋਹਰੀ ਹੈ। ਮੁੱਖ ਸੇਵਾਦਾਰ ਡਾ. ਇੰਦਰਜੀਤ ਕੌਰ ਨੇ ਟੀਮ ਦਾ ਸਨਮਾਨ ਕੀਤਾ।
